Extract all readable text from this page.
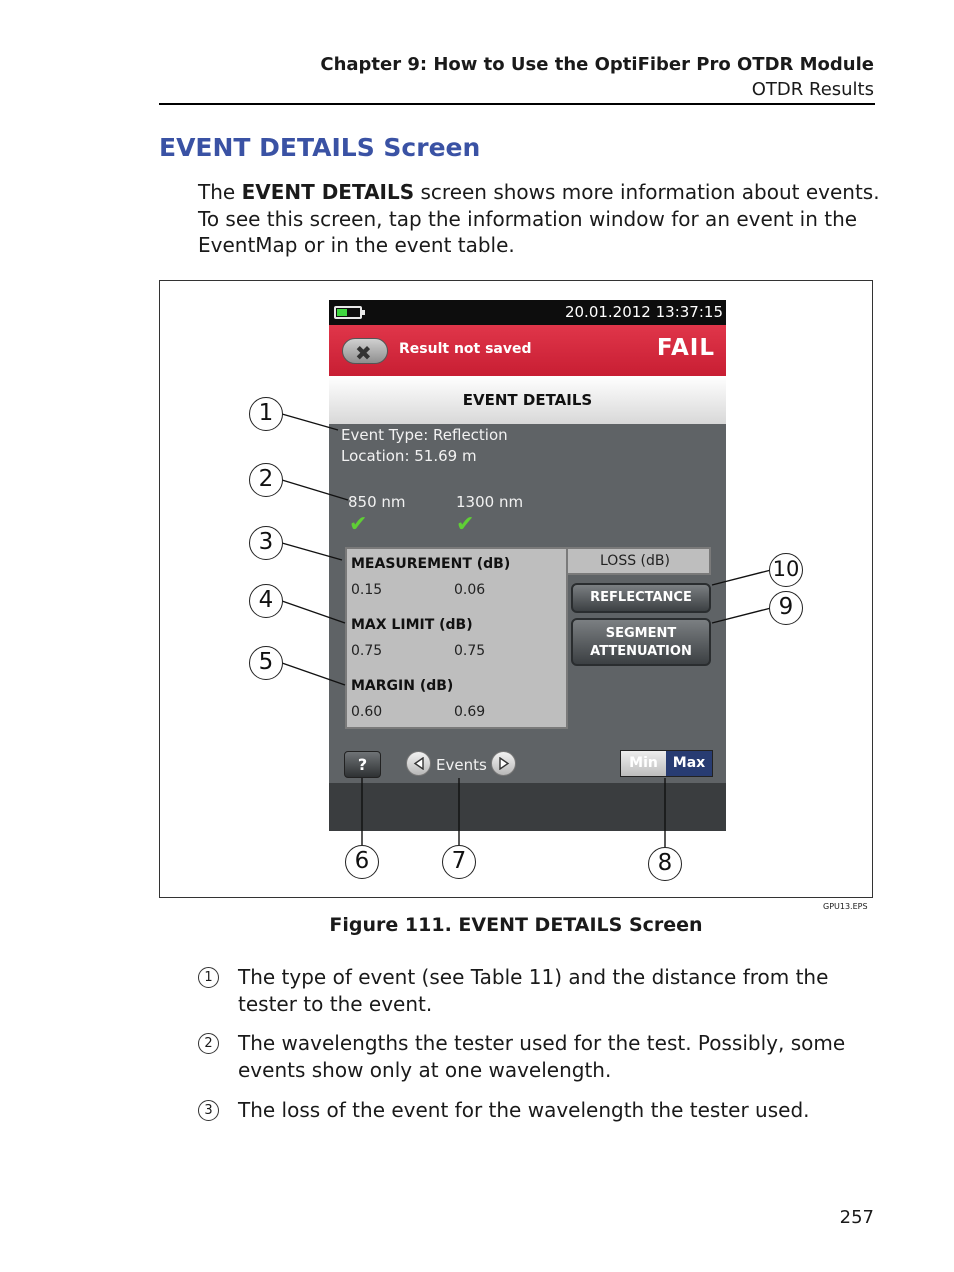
Chapter 9: How to Use the OptiFiber Pro OTDR Module
OTDR Results
EVENT DETAILS Screen
The EVENT DETAILS screen shows more information about events. To see this screen, tap the information window for an event in the EventMap or in the event table.
20.01.2012 13:37:15
✖ Result not saved	FAIL
EVENT DETAILS
Event Type: Reflection
Location: 51.69 m
850 nm	1300 nm
✔	✔
MEASUREMENT (dB)
0.15	0.06
MAX LIMIT (dB)
0.75	0.75
MARGIN (dB)
0.60	0.69
LOSS (dB)
REFLECTANCE
SEGMENT
ATTENUATION
?	Events	Min	Max
1
2
3
4
5
6	7	8
9
10
GPU13.EPS
Figure 111. EVENT DETAILS Screen
1	The type of event (see Table 11) and the distance from the tester to the event.
2	The wavelengths the tester used for the test. Possibly, some events show only at one wavelength.
3	The loss of the event for the wavelength the tester used.
257
